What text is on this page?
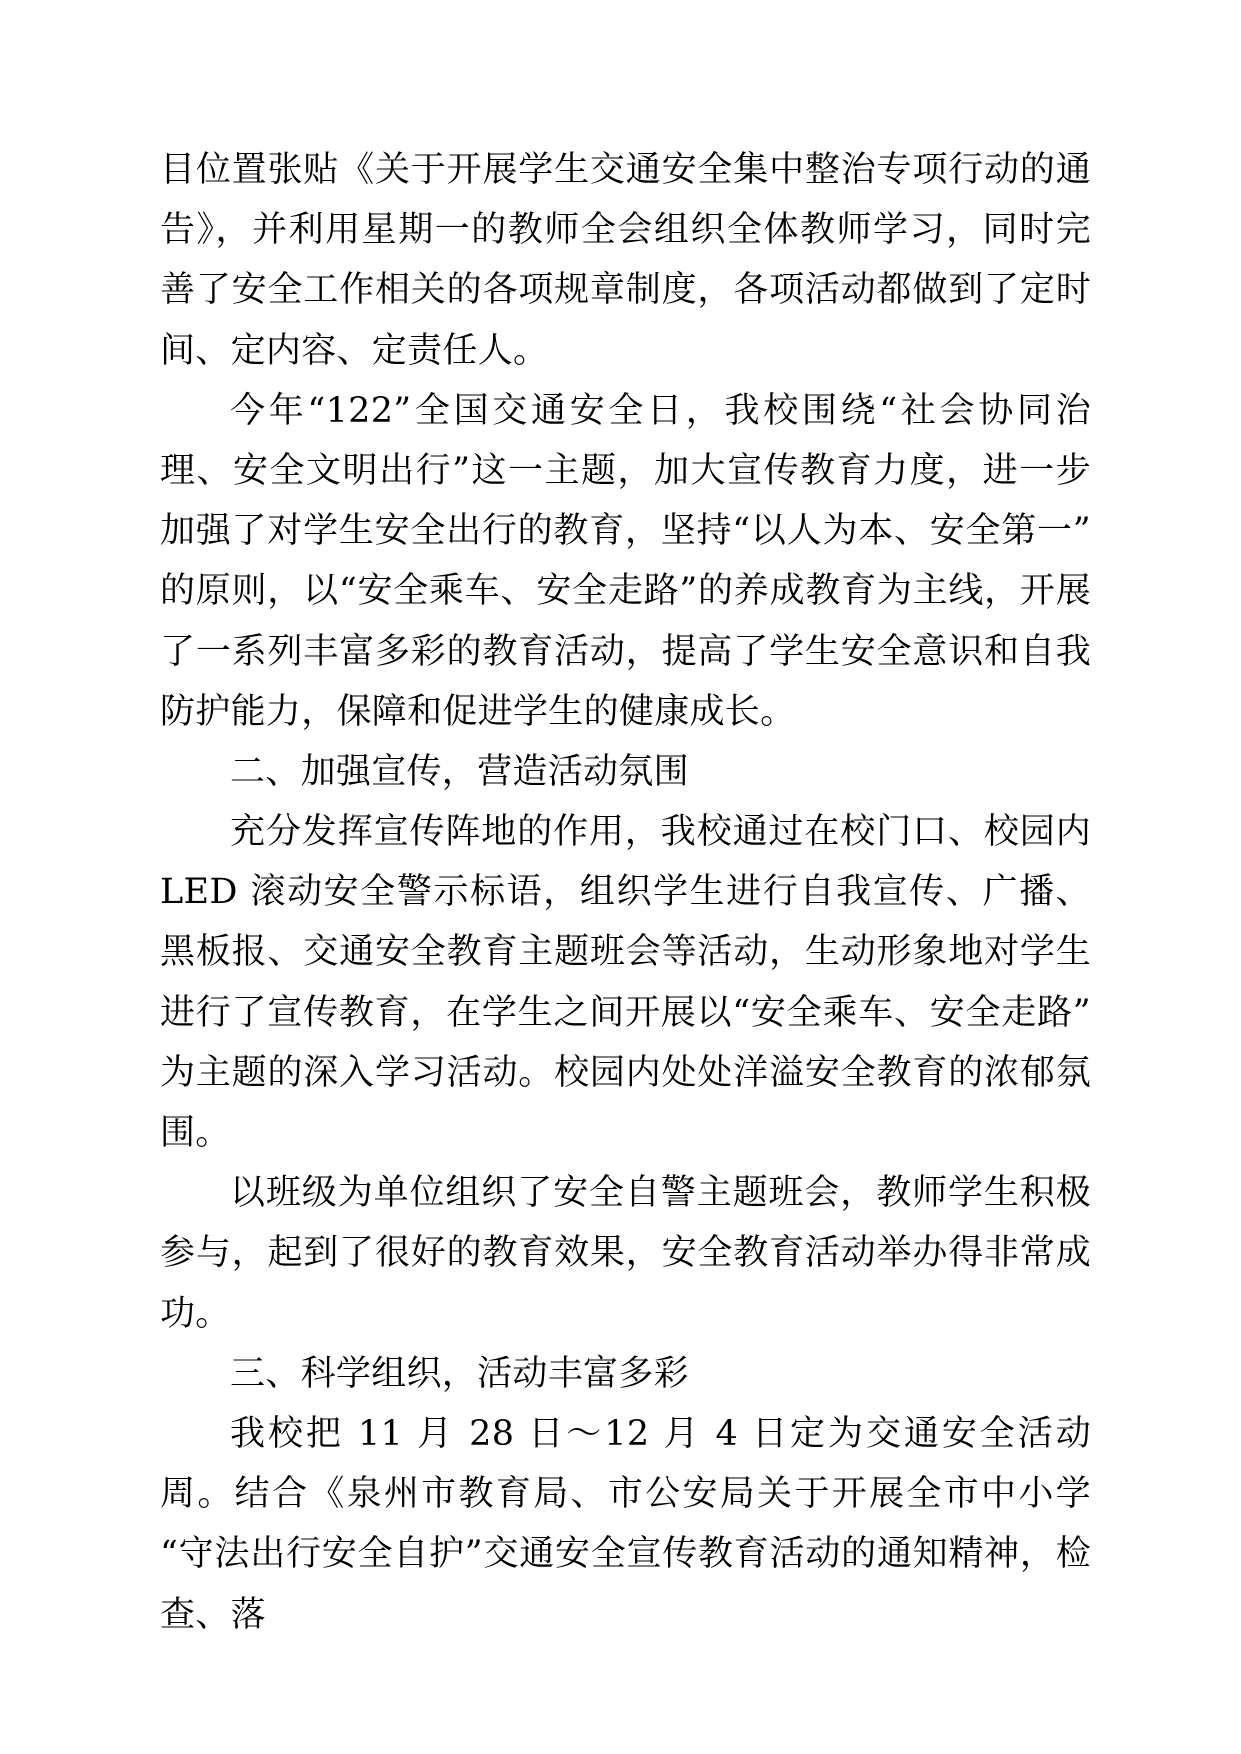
目位置张贴《关于开展学生交通安全集中整治专项行动的通告》，并利用星期一的教师全会组织全体教师学习，同时完善了安全工作相关的各项规章制度，各项活动都做到了定时间、定内容、定责任人。

今年“122”全国交通安全日，我校围绕“社会协同治理、安全文明出行”这一主题，加大宣传教育力度，进一步加强了对学生安全出行的教育，坚持“以人为本、安全第一”的原则，以“安全乘车、安全走路”的养成教育为主线，开展了一系列丰富多彩的教育活动，提高了学生安全意识和自我防护能力，保障和促进学生的健康成长。

二、加强宣传，营造活动氛围

充分发挥宣传阵地的作用，我校通过在校门口、校园内LED 滚动安全警示标语，组织学生进行自我宣传、广播、黑板报、交通安全教育主题班会等活动，生动形象地对学生进行了宣传教育，在学生之间开展以“安全乘车、安全走路”为主题的深入学习活动。校园内处处洋溢安全教育的浓郁氛围。

以班级为单位组织了安全自警主题班会，教师学生积极参与，起到了很好的教育效果，安全教育活动举办得非常成功。

三、科学组织，活动丰富多彩

我校把 11 月 28 日～12 月 4 日定为交通安全活动周。结合《泉州市教育局、市公安局关于开展全市中小学“守法出行安全自护”交通安全宣传教育活动的通知精神，检查、落
